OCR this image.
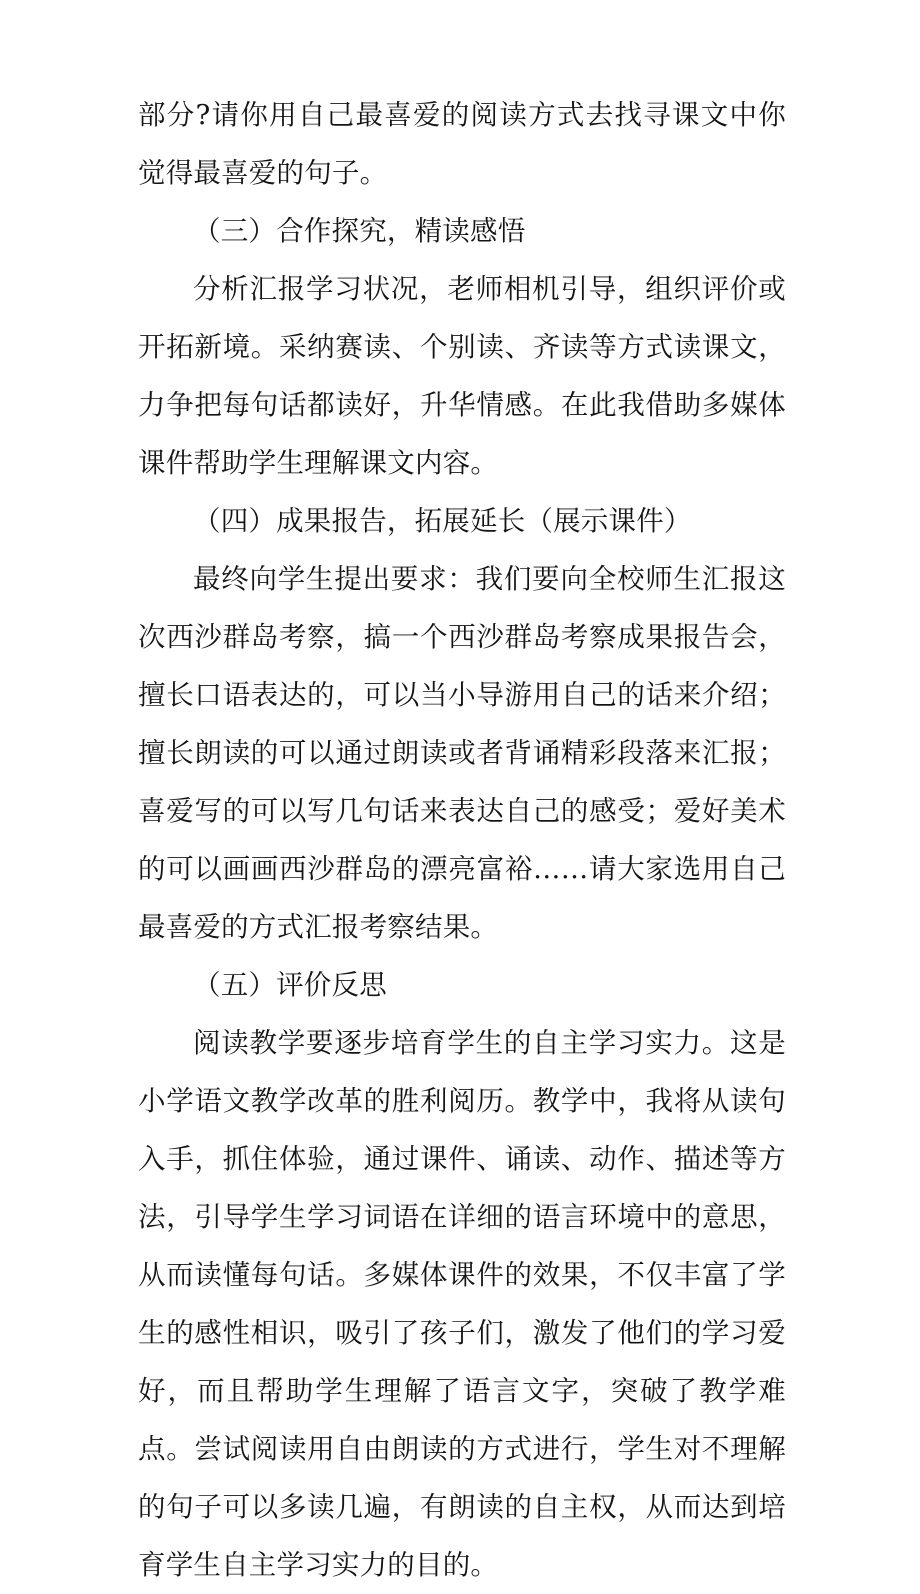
部分?请你用自己最喜爱的阅读方式去找寻课文中你觉得最喜爱的句子。

（三）合作探究，精读感悟

分析汇报学习状况，老师相机引导，组织评价或开拓新境。采纳赛读、个别读、齐读等方式读课文，力争把每句话都读好，升华情感。在此我借助多媒体课件帮助学生理解课文内容。

（四）成果报告，拓展延长（展示课件）

最终向学生提出要求：我们要向全校师生汇报这次西沙群岛考察，搞一个西沙群岛考察成果报告会，擅长口语表达的，可以当小导游用自己的话来介绍；擅长朗读的可以通过朗读或者背诵精彩段落来汇报；喜爱写的可以写几句话来表达自己的感受；爱好美术的可以画画西沙群岛的漂亮富裕……请大家选用自己最喜爱的方式汇报考察结果。

（五）评价反思

阅读教学要逐步培育学生的自主学习实力。这是小学语文教学改革的胜利阅历。教学中，我将从读句入手，抓住体验，通过课件、诵读、动作、描述等方法，引导学生学习词语在详细的语言环境中的意思，从而读懂每句话。多媒体课件的效果，不仅丰富了学生的感性相识，吸引了孩子们，激发了他们的学习爱好，而且帮助学生理解了语言文字，突破了教学难点。尝试阅读用自由朗读的方式进行，学生对不理解的句子可以多读几遍，有朗读的自主权，从而达到培育学生自主学习实力的目的。
